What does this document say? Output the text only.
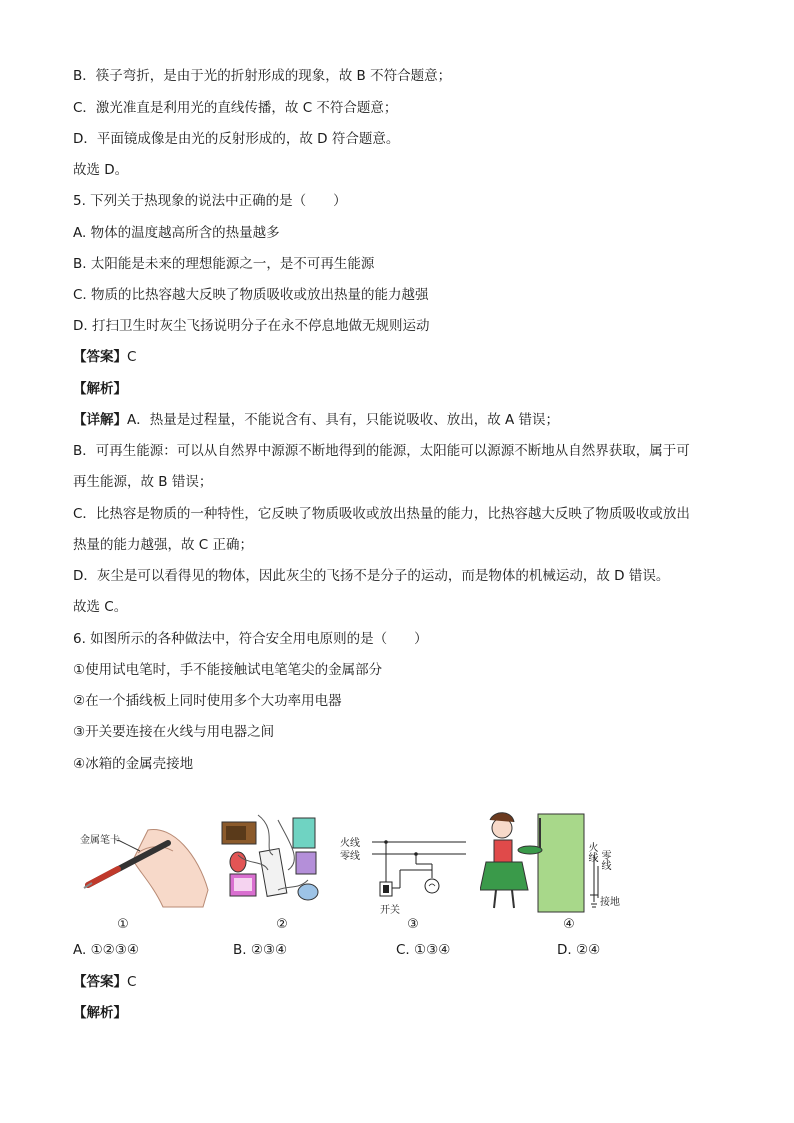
B．筷子弯折，是由于光的折射形成的现象，故 B 不符合题意；
C．激光准直是利用光的直线传播，故 C 不符合题意；
D．平面镜成像是由光的反射形成的，故 D 符合题意。
故选 D。
5. 下列关于热现象的说法中正确的是（　　）
A. 物体的温度越高所含的热量越多
B. 太阳能是未来的理想能源之一，是不可再生能源
C. 物质的比热容越大反映了物质吸收或放出热量的能力越强
D. 打扫卫生时灰尘飞扬说明分子在永不停息地做无规则运动
【答案】C
【解析】
【详解】A．热量是过程量，不能说含有、具有，只能说吸收、放出，故 A 错误；
B．可再生能源：可以从自然界中源源不断地得到的能源，太阳能可以源源不断地从自然界获取，属于可
再生能源，故 B 错误；
C．比热容是物质的一种特性，它反映了物质吸收或放出热量的能力，比热容越大反映了物质吸收或放出
热量的能力越强，故 C 正确；
D．灰尘是可以看得见的物体，因此灰尘的飞扬不是分子的运动，而是物体的机械运动，故 D 错误。
故选 C。
6. 如图所示的各种做法中，符合安全用电原则的是（　　）
①使用试电笔时，手不能接触试电笔笔尖的金属部分
②在一个插线板上同时使用多个大功率用电器
③开关要连接在火线与用电器之间
④冰箱的金属壳接地
金属笔卡
①	②
火线
零线
开关
③
火线 零线
接地
④
A. ①②③④	B. ②③④	C. ①③④	D. ②④
【答案】C
【解析】
